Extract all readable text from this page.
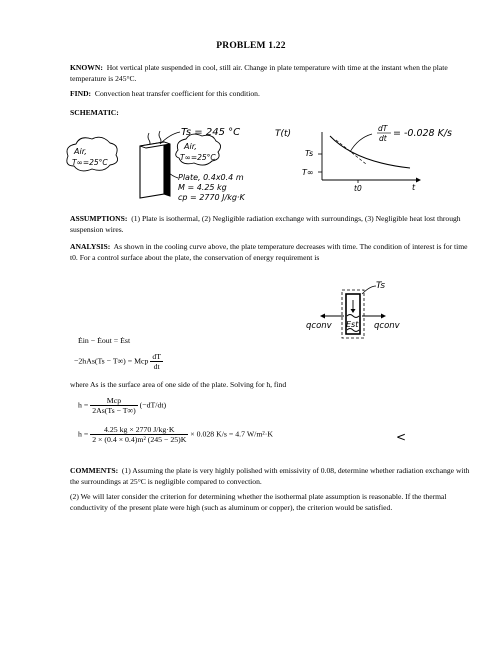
PROBLEM 1.22
KNOWN: Hot vertical plate suspended in cool, still air. Change in plate temperature with time at the instant when the plate temperature is 245°C.
FIND: Convection heat transfer coefficient for this condition.
SCHEMATIC:
Air,
T∞=25°C
Air,
T∞=25°C
Ts = 245 °C
Plate, 0.4x0.4 m
M = 4.25 kg
cp = 2770 J/kg·K
T(t)
Ts
T∞
t0	t
dT
dt = -0.028 K/s
ASSUMPTIONS: (1) Plate is isothermal, (2) Negligible radiation exchange with surroundings, (3) Negligible heat lost through suspension wires.
ANALYSIS: As shown in the cooling curve above, the plate temperature decreases with time. The condition of interest is for time t0. For a control surface about the plate, the conservation of energy requirement is
Est
Ts
qconv	qconv
Ėin − Ėout = Ėst
−2hAs(Ts − T∞) = Mcp $\frac{dT}{dt}$
where As is the surface area of one side of the plate. Solving for h, find
$h = \frac{\text{Mcp}}{2As(Ts - T\infty)} (-dT/dt)$
$h = \frac{4.25 kg \times 2770 J/kg\cdot K}{\text{2 × (0.4 × 0.4)m² (245 − 25)K}} \times 0.028$ K/s = 4.7 W/m²·K	<
COMMENTS: (1) Assuming the plate is very highly polished with emissivity of 0.08, determine whether radiation exchange with the surroundings at 25°C is negligible compared to convection.
(2) We will later consider the criterion for determining whether the isothermal plate assumption is reasonable. If the thermal conductivity of the present plate were high (such as aluminum or copper), the criterion would be satisfied.
